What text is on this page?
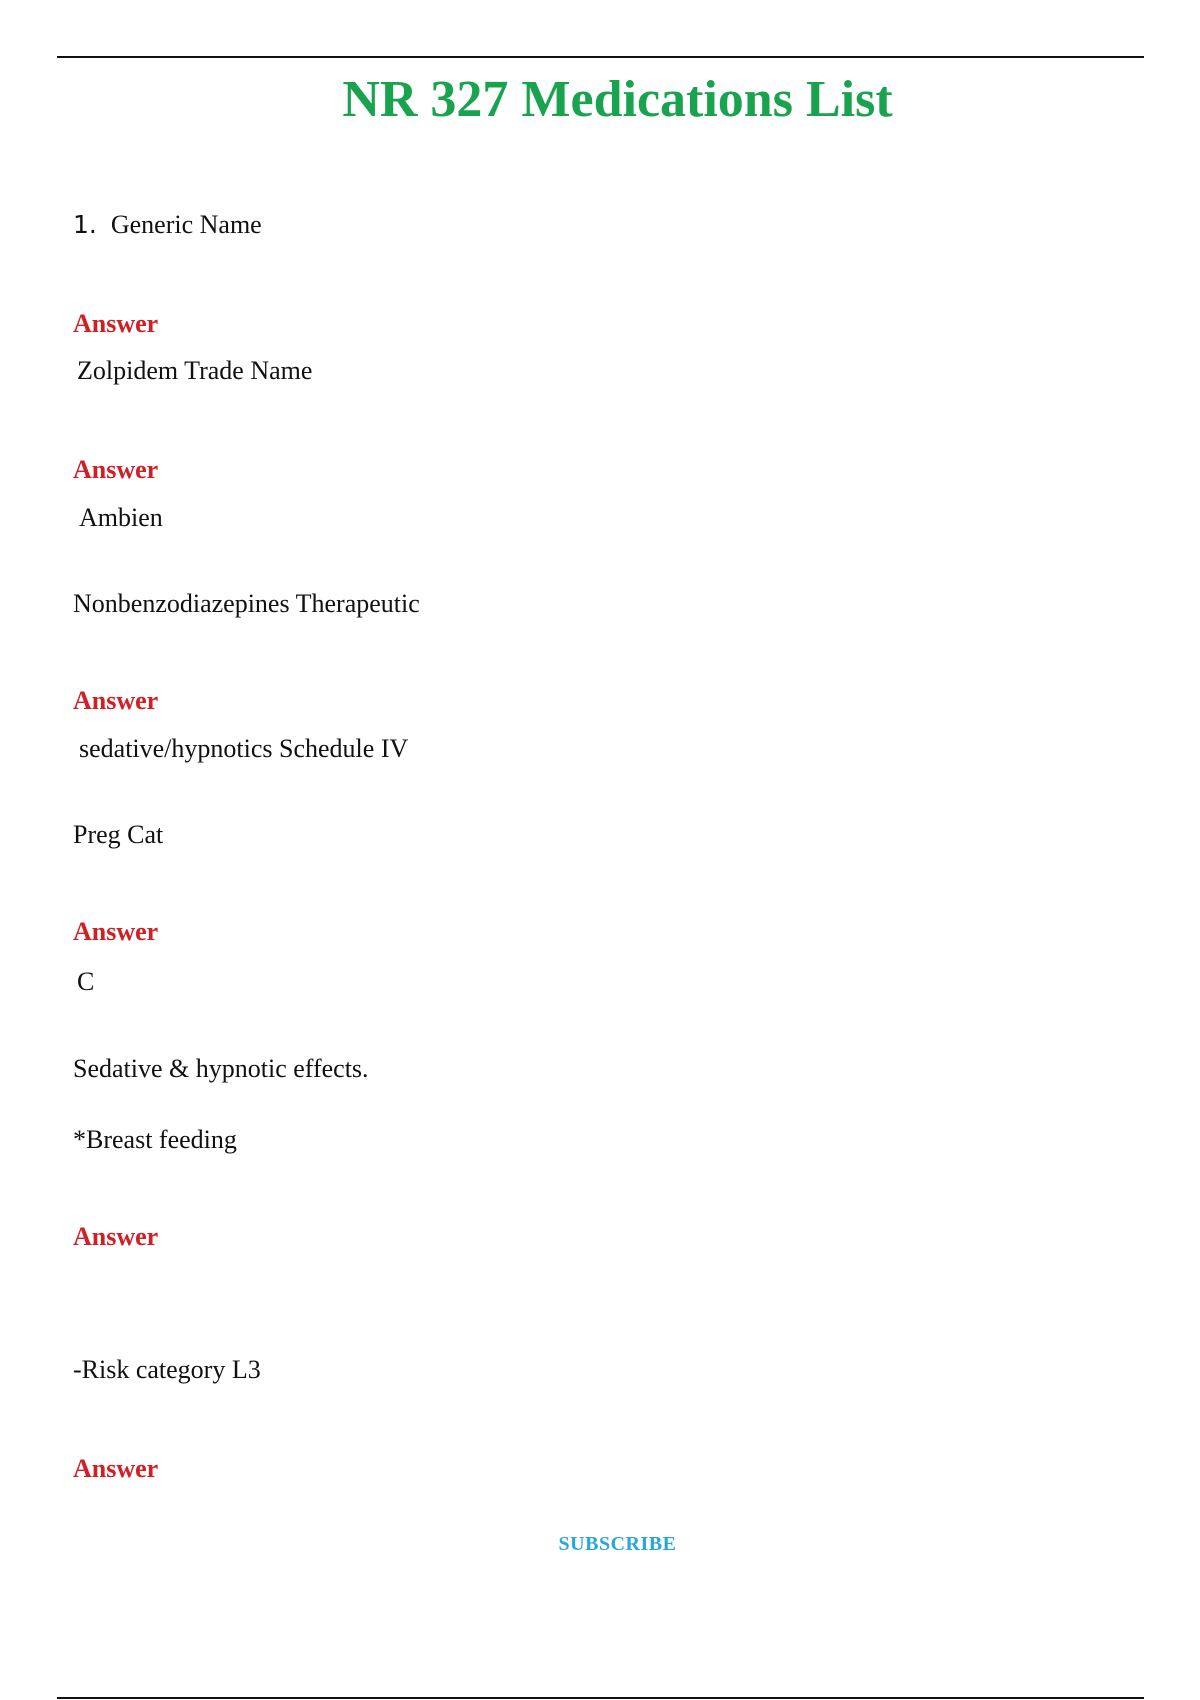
NR 327 Medications List
1. Generic Name
Answer
Zolpidem Trade Name
Answer
Ambien
Nonbenzodiazepines Therapeutic
Answer
sedative/hypnotics Schedule IV
Preg Cat
Answer
C
Sedative & hypnotic effects.
*Breast feeding
Answer
-Risk category L3
Answer
SUBSCRIBE
